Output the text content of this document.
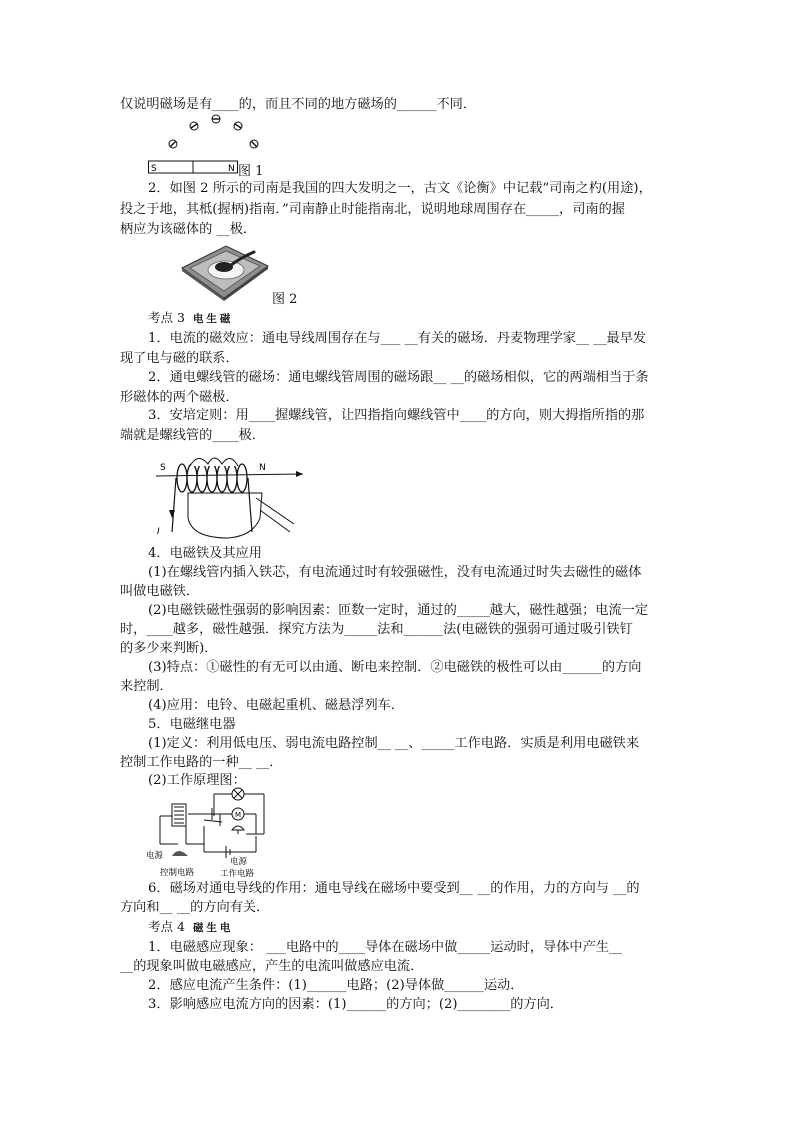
仅说明磁场是有____的，而且不同的地方磁场的______不同．
S	N 图 1
2．如图 2 所示的司南是我国的四大发明之一，古文《论衡》中记载“司南之杓(用途)，
投之于地，其柢(握柄)指南．”司南静止时能指南北，说明地球周围存在_____，司南的握
柄应为该磁体的 __极．
图 2
考点 3 电生磁
1．电流的磁效应：通电导线周围存在与___ __有关的磁场．丹麦物理学家__ __最早发
现了电与磁的联系．
2．通电螺线管的磁场：通电螺线管周围的磁场跟__ __的磁场相似，它的两端相当于条
形磁体的两个磁极．
3．安培定则：用____握螺线管，让四指指向螺线管中____的方向，则大拇指所指的那
端就是螺线管的____极．
S	N
I
4．电磁铁及其应用
(1)在螺线管内插入铁芯，有电流通过时有较强磁性，没有电流通过时失去磁性的磁体
叫做电磁铁．
(2)电磁铁磁性强弱的影响因素：匝数一定时，通过的_____越大，磁性越强；电流一定
时，____越多，磁性越强．探究方法为_____法和______法(电磁铁的强弱可通过吸引铁钉
的多少来判断)．
(3)特点：①磁性的有无可以由通、断电来控制．②电磁铁的极性可以由______的方向
来控制．
(4)应用：电铃、电磁起重机、磁悬浮列车．
5．电磁继电器
(1)定义：利用低电压、弱电流电路控制__ __、_____工作电路．实质是利用电磁铁来
控制工作电路的一种__ __．
(2)工作原理图：
M
电源
电源
控制电路	工作电路
6．磁场对通电导线的作用：通电导线在磁场中要受到__ __的作用，力的方向与 __的
方向和__ __的方向有关．
考点 4 磁生电
1．电磁感应现象： ___电路中的____导体在磁场中做_____运动时，导体中产生__
__的现象叫做电磁感应，产生的电流叫做感应电流．
2．感应电流产生条件：(1)______电路；(2)导体做______运动．
3．影响感应电流方向的因素：(1)______的方向；(2)________的方向．
